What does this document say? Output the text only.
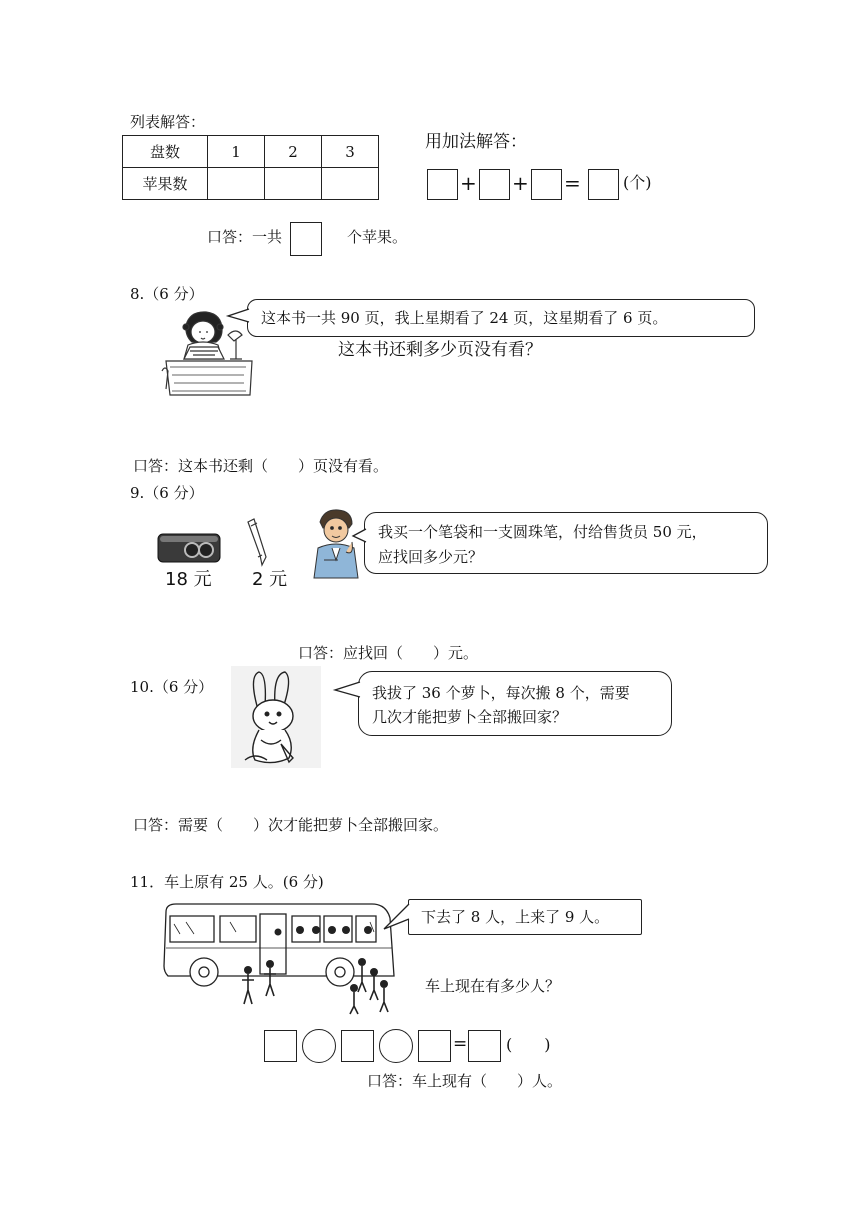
列表解答：
盘数	1	2	3
苹果数			
用加法解答：
+ + =	(个)
口答：一共	个苹果。
8.（6 分）
这本书一共 90 页，我上星期看了 24 页，这星期看了 6 页。
这本书还剩多少页没有看？
口答：这本书还剩（　　）页没有看。
9.（6 分）
18 元 2 元
我买一个笔袋和一支圆珠笔，付给售货员 50 元，
应找回多少元？
口答：应找回（　　）元。
10.（6 分）	我拔了 36 个萝卜，每次搬 8 个，需要
几次才能把萝卜全部搬回家？
口答：需要（　　）次才能把萝卜全部搬回家。
11．车上原有 25 人。(6 分)
下去了 8 人，上来了 9 人。
车上现在有多少人？
= (　　)
口答：车上现有（　　）人。
